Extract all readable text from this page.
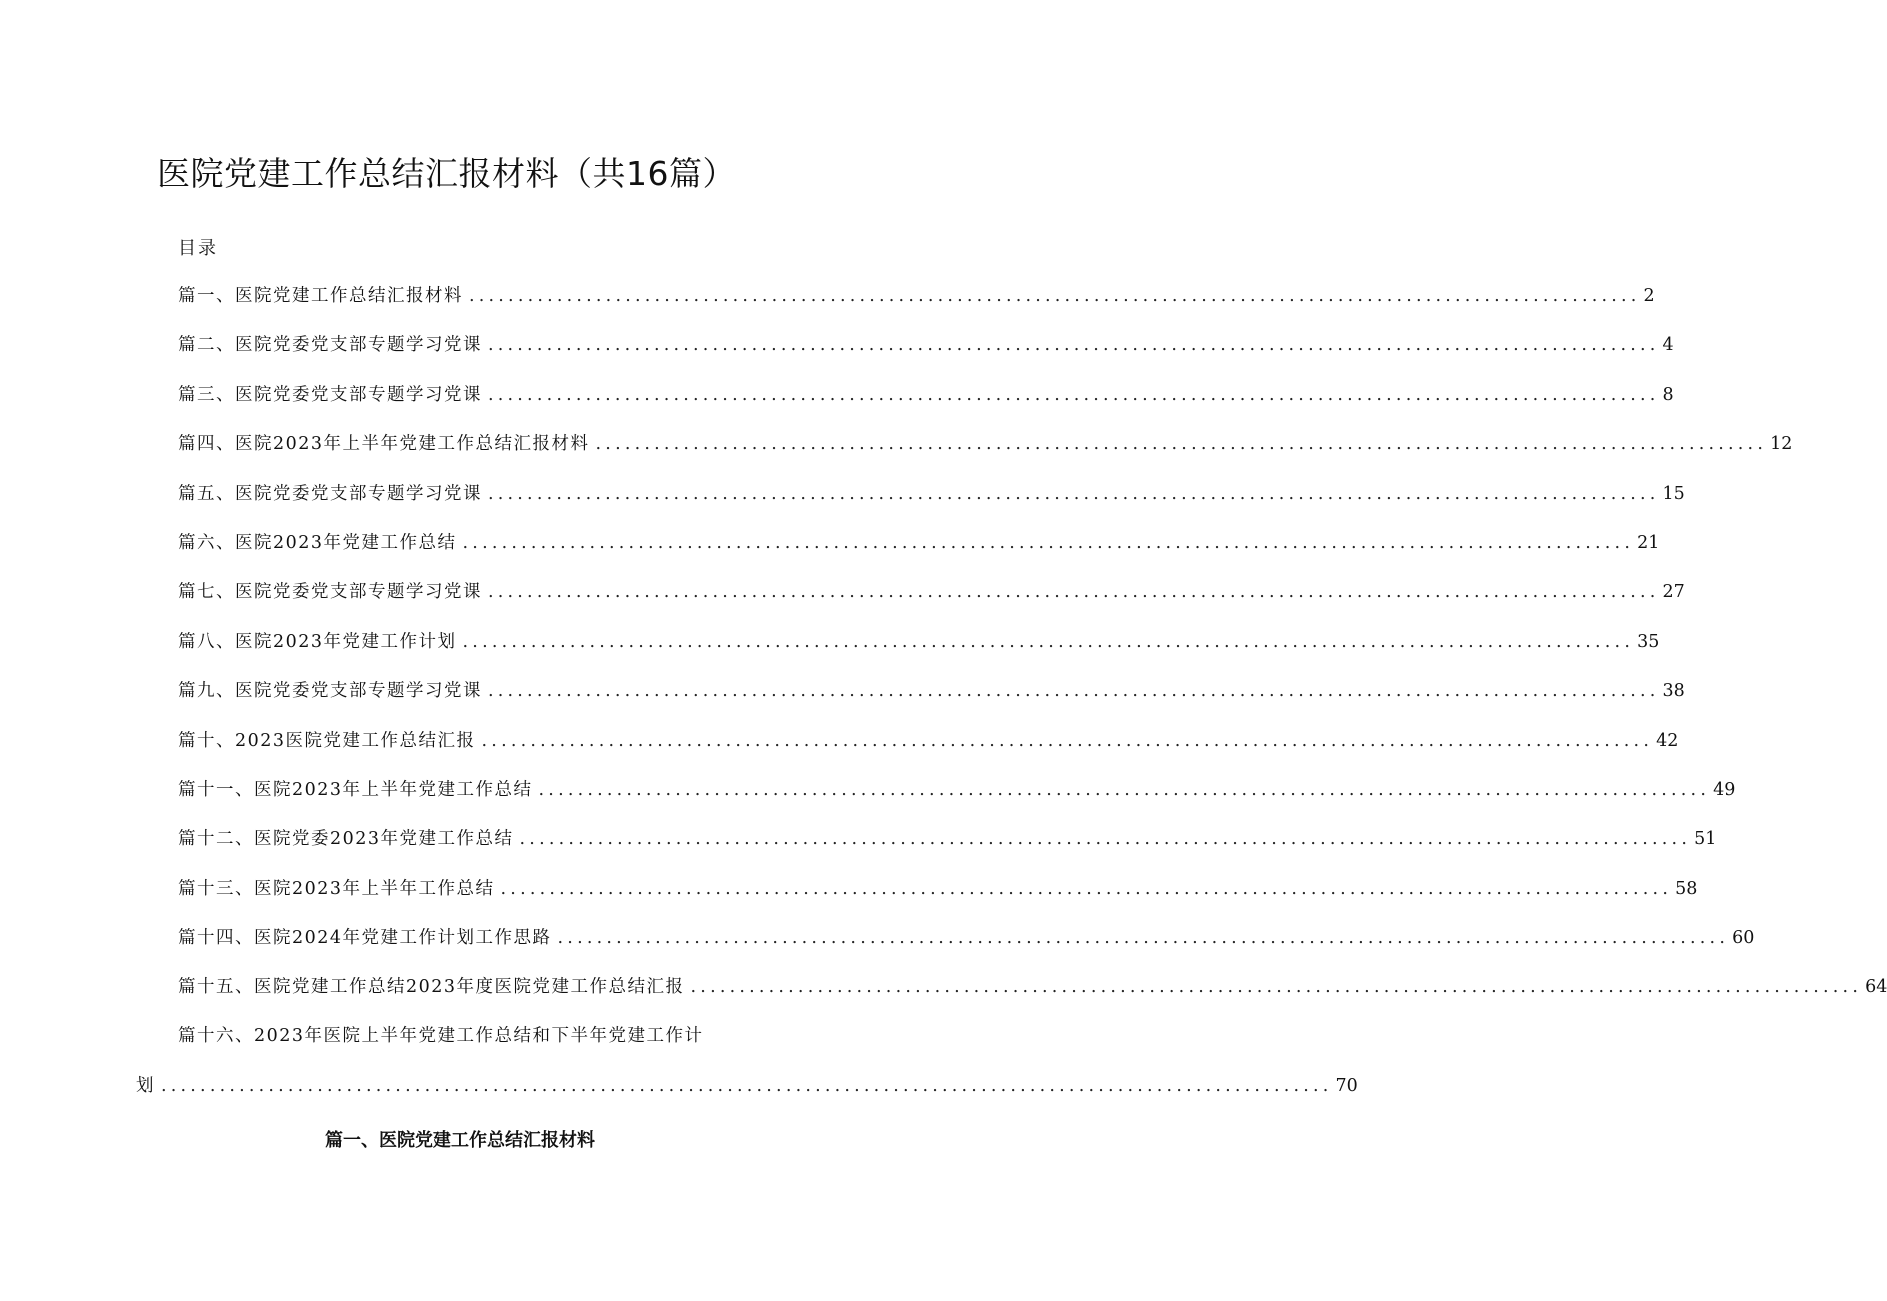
医院党建工作总结汇报材料（共16篇）
目录
篇一、医院党建工作总结汇报材料 ........................................................................................................................ 2
篇二、医院党委党支部专题学习党课 ........................................................................................................................ 4
篇三、医院党委党支部专题学习党课 ........................................................................................................................ 8
篇四、医院2023年上半年党建工作总结汇报材料 ........................................................................................................................ 12
篇五、医院党委党支部专题学习党课 ........................................................................................................................ 15
篇六、医院2023年党建工作总结 ........................................................................................................................ 21
篇七、医院党委党支部专题学习党课 ........................................................................................................................ 27
篇八、医院2023年党建工作计划 ........................................................................................................................ 35
篇九、医院党委党支部专题学习党课 ........................................................................................................................ 38
篇十、2023医院党建工作总结汇报 ........................................................................................................................ 42
篇十一、医院2023年上半年党建工作总结 ........................................................................................................................ 49
篇十二、医院党委2023年党建工作总结 ........................................................................................................................ 51
篇十三、医院2023年上半年工作总结 ........................................................................................................................ 58
篇十四、医院2024年党建工作计划工作思路 ........................................................................................................................ 60
篇十五、医院党建工作总结2023年度医院党建工作总结汇报 ........................................................................................................................ 64
篇十六、2023年医院上半年党建工作总结和下半年党建工作计
划 ........................................................................................................................ 70
篇一、医院党建工作总结汇报材料
